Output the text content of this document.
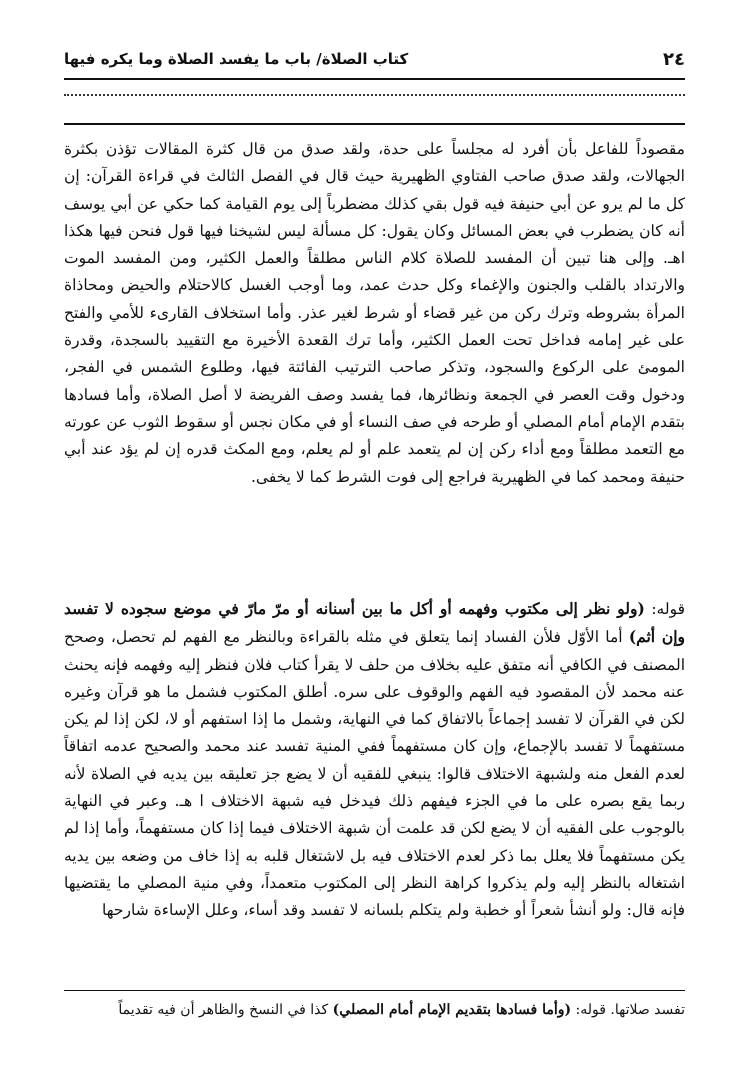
٢٤
كتاب الصلاة/ باب ما يفسد الصلاة وما يكره فيها

مقصوداً للفاعل بأن أفرد له مجلساً على حدة، ولقد صدق من قال كثرة المقالات تؤذن بكثرة الجهالات، ولقد صدق صاحب الفتاوي الظهيرية حيث قال في الفصل الثالث في قراءة القرآن: إن كل ما لم يرو عن أبي حنيفة فيه قول بقي كذلك مضطرباً إلى يوم القيامة كما حكي عن أبي يوسف أنه كان يضطرب في بعض المسائل وكان يقول: كل مسألة ليس لشيخنا فيها قول فنحن فيها هكذا اهـ. وإلى هنا تبين أن المفسد للصلاة كلام الناس مطلقاً والعمل الكثير، ومن المفسد الموت والارتداد بالقلب والجنون والإغماء وكل حدث عمد، وما أوجب الغسل كالاحتلام والحيض ومحاذاة المرأة بشروطه وترك ركن من غير قضاء أو شرط لغير عذر. وأما استخلاف القارىء للأمي والفتح على غير إمامه فداخل تحت العمل الكثير، وأما ترك القعدة الأخيرة مع التقييد بالسجدة، وقدرة المومئ على الركوع والسجود، وتذكر صاحب الترتيب الفائتة فيها، وطلوع الشمس في الفجر، ودخول وقت العصر في الجمعة ونظائرها، فما يفسد وصف الفريضة لا أصل الصلاة، وأما فسادها بتقدم الإمام أمام المصلي أو طرحه في صف النساء أو في مكان نجس أو سقوط الثوب عن عورته مع التعمد مطلقاً ومع أداء ركن إن لم يتعمد علم أو لم يعلم، ومع المكث قدره إن لم يؤد عند أبي حنيفة ومحمد كما في الظهيرية فراجع إلى فوت الشرط كما لا يخفى.

قوله: (ولو نظر إلى مكتوب وفهمه أو أكل ما بين أسنانه أو مرّ مارّ في موضع سجوده لا تفسد وإن أثم) أما الأوّل فلأن الفساد إنما يتعلق في مثله بالقراءة وبالنظر مع الفهم لم تحصل، وصحح المصنف في الكافي أنه متفق عليه بخلاف من حلف لا يقرأ كتاب فلان فنظر إليه وفهمه فإنه يحنث عنه محمد لأن المقصود فيه الفهم والوقوف على سره. أطلق المكتوب فشمل ما هو قرآن وغيره لكن في القرآن لا تفسد إجماعاً بالاتفاق كما في النهاية، وشمل ما إذا استفهم أو لا، لكن إذا لم يكن مستفهماً لا تفسد بالإجماع، وإن كان مستفهماً ففي المنية تفسد عند محمد والصحيح عدمه اتفاقاً لعدم الفعل منه ولشبهة الاختلاف قالوا: ينبغي للفقيه أن لا يضع جز تعليقه بين يديه في الصلاة لأنه ربما يقع بصره على ما في الجزء فيفهم ذلك فيدخل فيه شبهة الاختلاف ا هـ. وعبر في النهاية بالوجوب على الفقيه أن لا يضع لكن قد علمت أن شبهة الاختلاف فيما إذا كان مستفهماً، وأما إذا لم يكن مستفهماً فلا يعلل بما ذكر لعدم الاختلاف فيه بل لاشتغال قلبه به إذا خاف من وضعه بين يديه اشتغاله بالنظر إليه ولم يذكروا كراهة النظر إلى المكتوب متعمداً، وفي منية المصلي ما يقتضيها فإنه قال: ولو أنشأ شعراً أو خطبة ولم يتكلم بلسانه لا تفسد وقد أساء، وعلل الإساءة شارحها

تفسد صلاتها. قوله: (وأما فسادها بتقديم الإمام أمام المصلي) كذا في النسخ والظاهر أن فيه تقديماً
